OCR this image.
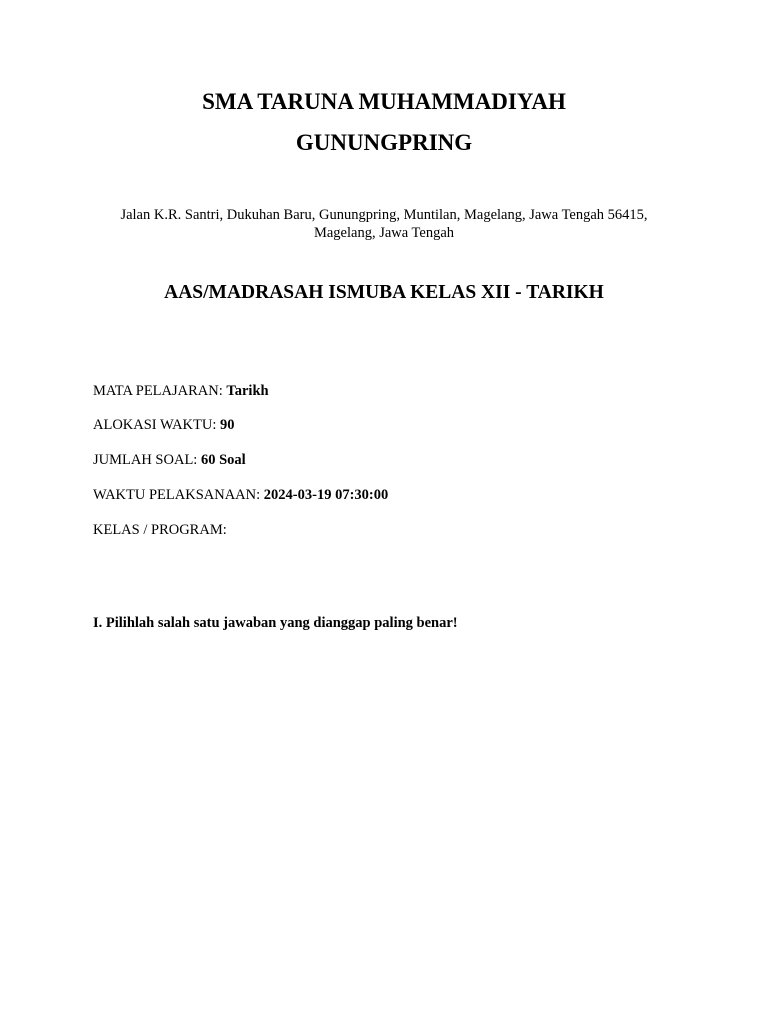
SMA TARUNA MUHAMMADIYAH
GUNUNGPRING
Jalan K.R. Santri, Dukuhan Baru, Gunungpring, Muntilan, Magelang, Jawa Tengah 56415,
Magelang, Jawa Tengah
AAS/MADRASAH ISMUBA KELAS XII - TARIKH

MATA PELAJARAN: Tarikh

ALOKASI WAKTU: 90

JUMLAH SOAL: 60 Soal

WAKTU PELAKSANAAN: 2024-03-19 07:30:00

KELAS / PROGRAM:

I. Pilihlah salah satu jawaban yang dianggap paling benar!
